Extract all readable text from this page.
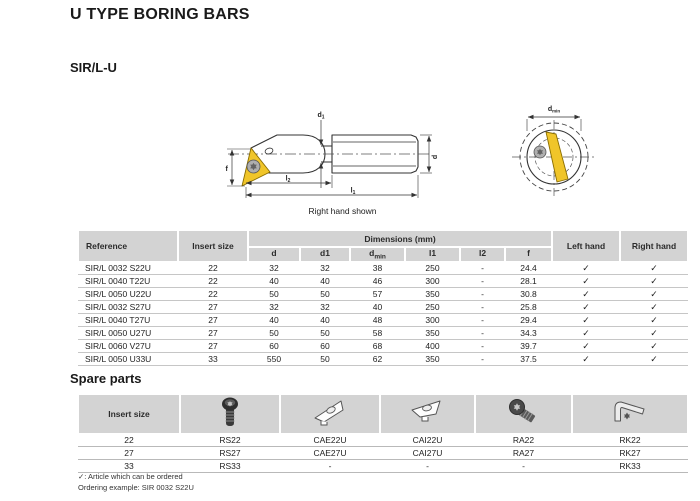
U TYPE BORING BARS
SIR/L-U
$d_1$
d
f
$l_2$
$l_1$
$d_{min}$
Right hand shown
Reference	Insert size	Dimensions (mm)						Left hand	Right hand
		d	d1	$d_{min}$	l1	l2	f		
SIR/L 0032 S22U	22	32	32	38	250	-	24.4	✓	✓
SIR/L 0040 T22U	22	40	40	46	300	-	28.1	✓	✓
SIR/L 0050 U22U	22	50	50	57	350	-	30.8	✓	✓
SIR/L 0032 S27U	27	32	32	40	250	-	25.8	✓	✓
SIR/L 0040 T27U	27	40	40	48	300	-	29.4	✓	✓
SIR/L 0050 U27U	27	50	50	58	350	-	34.3	✓	✓
SIR/L 0060 V27U	27	60	60	68	400	-	39.7	✓	✓
SIR/L 0050 U33U	33	550	50	62	350	-	37.5	✓	✓
Spare parts
Insert size					
22	RS22	CAE22U	CAI22U	RA22	RK22
27	RS27	CAE27U	CAI27U	RA27	RK27
33	RS33	-	-	-	RK33
✓: Article which can be ordered
Ordering example: SIR 0032 S22U
